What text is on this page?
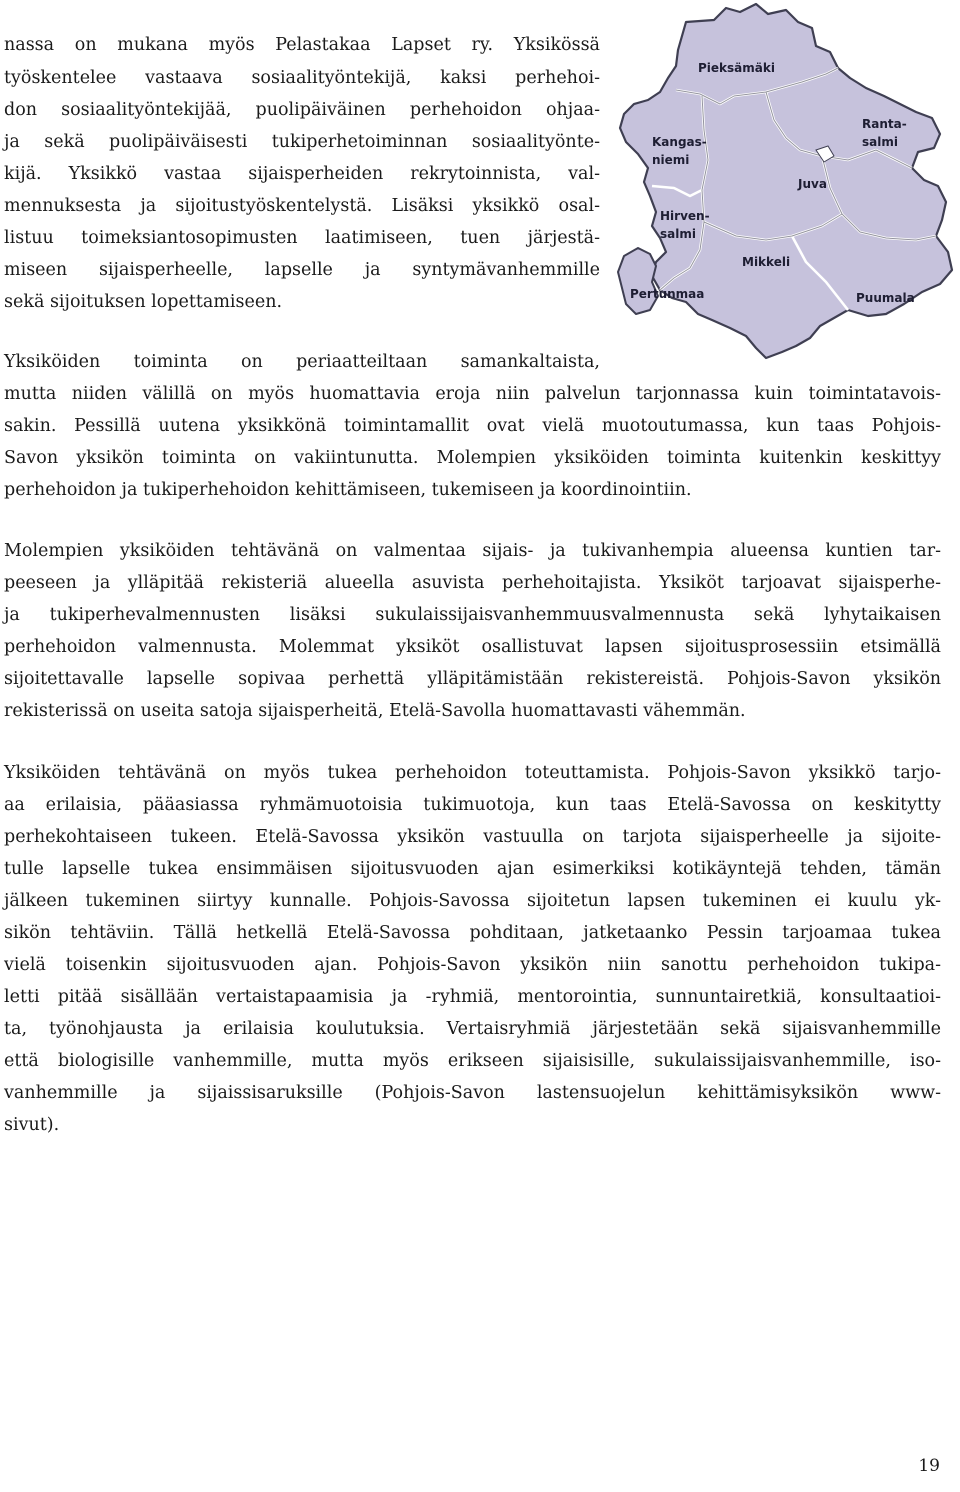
nassa on mukana myös Pelastakaa Lapset ry. Yksikössä
työskentelee vastaava sosiaalityöntekijä, kaksi perhehoi-
don sosiaalityöntekijää, puolipäiväinen perhehoidon ohjaa-
ja sekä puolipäiväisesti tukiperhetoiminnan sosiaalityönte-
kijä. Yksikkö vastaa sijaisperheiden rekrytoinnista, val-
mennuksesta ja sijoitustyöskentelystä. Lisäksi yksikkö osal-
listuu toimeksiantosopimusten laatimiseen, tuen järjestä-
miseen sijaisperheelle, lapselle ja syntymävanhemmille
sekä sijoituksen lopettamiseen.
Yksiköiden toiminta on periaatteiltaan samankaltaista,
mutta niiden välillä on myös huomattavia eroja niin palvelun tarjonnassa kuin toimintatavois-
sakin. Pessillä uutena yksikkönä toimintamallit ovat vielä muotoutumassa, kun taas Pohjois-
Savon yksikön toiminta on vakiintunutta. Molempien yksiköiden toiminta kuitenkin keskittyy
perhehoidon ja tukiperhehoidon kehittämiseen, tukemiseen ja koordinointiin.
Molempien yksiköiden tehtävänä on valmentaa sijais- ja tukivanhempia alueensa kuntien tar-
peeseen ja ylläpitää rekisteriä alueella asuvista perhehoitajista. Yksiköt tarjoavat sijaisperhe-
ja tukiperhevalmennusten lisäksi sukulaissijaisvanhemmuusvalmennusta sekä lyhytaikaisen
perhehoidon valmennusta. Molemmat yksiköt osallistuvat lapsen sijoitusprosessiin etsimällä
sijoitettavalle lapselle sopivaa perhettä ylläpitämistään rekistereistä. Pohjois-Savon yksikön
rekisterissä on useita satoja sijaisperheitä, Etelä-Savolla huomattavasti vähemmän.
Yksiköiden tehtävänä on myös tukea perhehoidon toteuttamista. Pohjois-Savon yksikkö tarjo-
aa erilaisia, pääasiassa ryhmämuotoisia tukimuotoja, kun taas Etelä-Savossa on keskitytty
perhekohtaiseen tukeen. Etelä-Savossa yksikön vastuulla on tarjota sijaisperheelle ja sijoite-
tulle lapselle tukea ensimmäisen sijoitusvuoden ajan esimerkiksi kotikäyntejä tehden, tämän
jälkeen tukeminen siirtyy kunnalle. Pohjois-Savossa sijoitetun lapsen tukeminen ei kuulu yk-
sikön tehtäviin. Tällä hetkellä Etelä-Savossa pohditaan, jatketaanko Pessin tarjoamaa tukea
vielä toisenkin sijoitusvuoden ajan. Pohjois-Savon yksikön niin sanottu perhehoidon tukipa-
letti pitää sisällään vertaistapaamisia ja -ryhmiä, mentorointia, sunnuntairetkiä, konsultaatioi-
ta, työnohjausta ja erilaisia koulutuksia. Vertaisryhmiä järjestetään sekä sijaisvanhemmille
että biologisille vanhemmille, mutta myös erikseen sijaisisille, sukulaissijaisvanhemmille, iso-
vanhemmille ja sijaissisaruksille (Pohjois-Savon lastensuojelun kehittämisyksikön www-
sivut).
Pieksämäki
Kangas-
niemi
Ranta-
salmi
Juva
Hirven-
salmi
Mikkeli
Pertunmaa	Puumala
19
